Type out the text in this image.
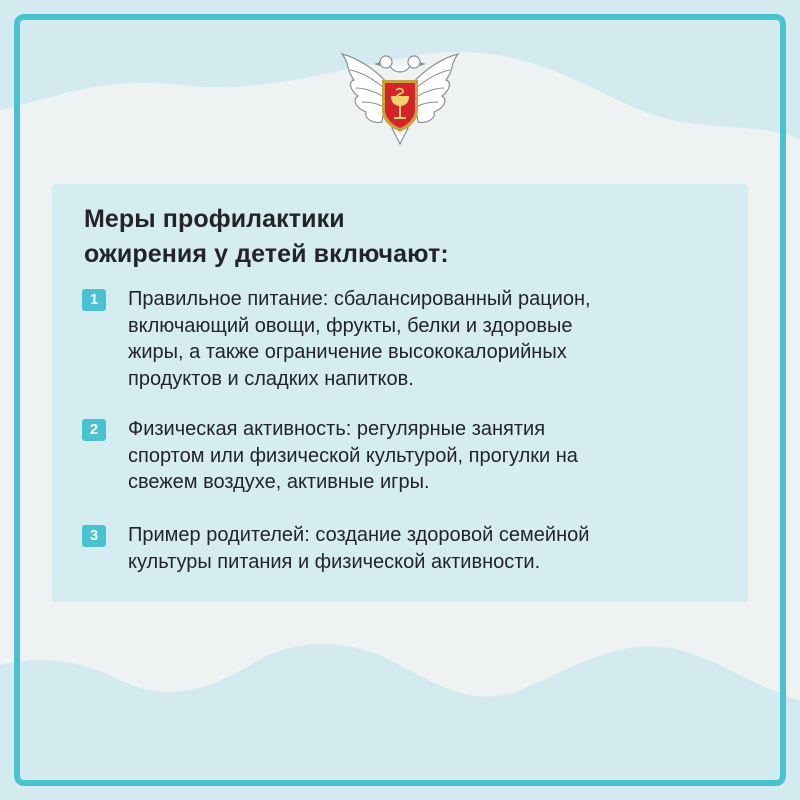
Меры профилактики
ожирения у детей включают:
1	Правильное питание: сбалансированный рацион,
включающий овощи, фрукты, белки и здоровые
жиры, а также ограничение высококалорийных
продуктов и сладких напитков.
2	Физическая активность: регулярные занятия
спортом или физической культурой, прогулки на
свежем воздухе, активные игры.
3	Пример родителей: создание здоровой семейной
культуры питания и физической активности.
